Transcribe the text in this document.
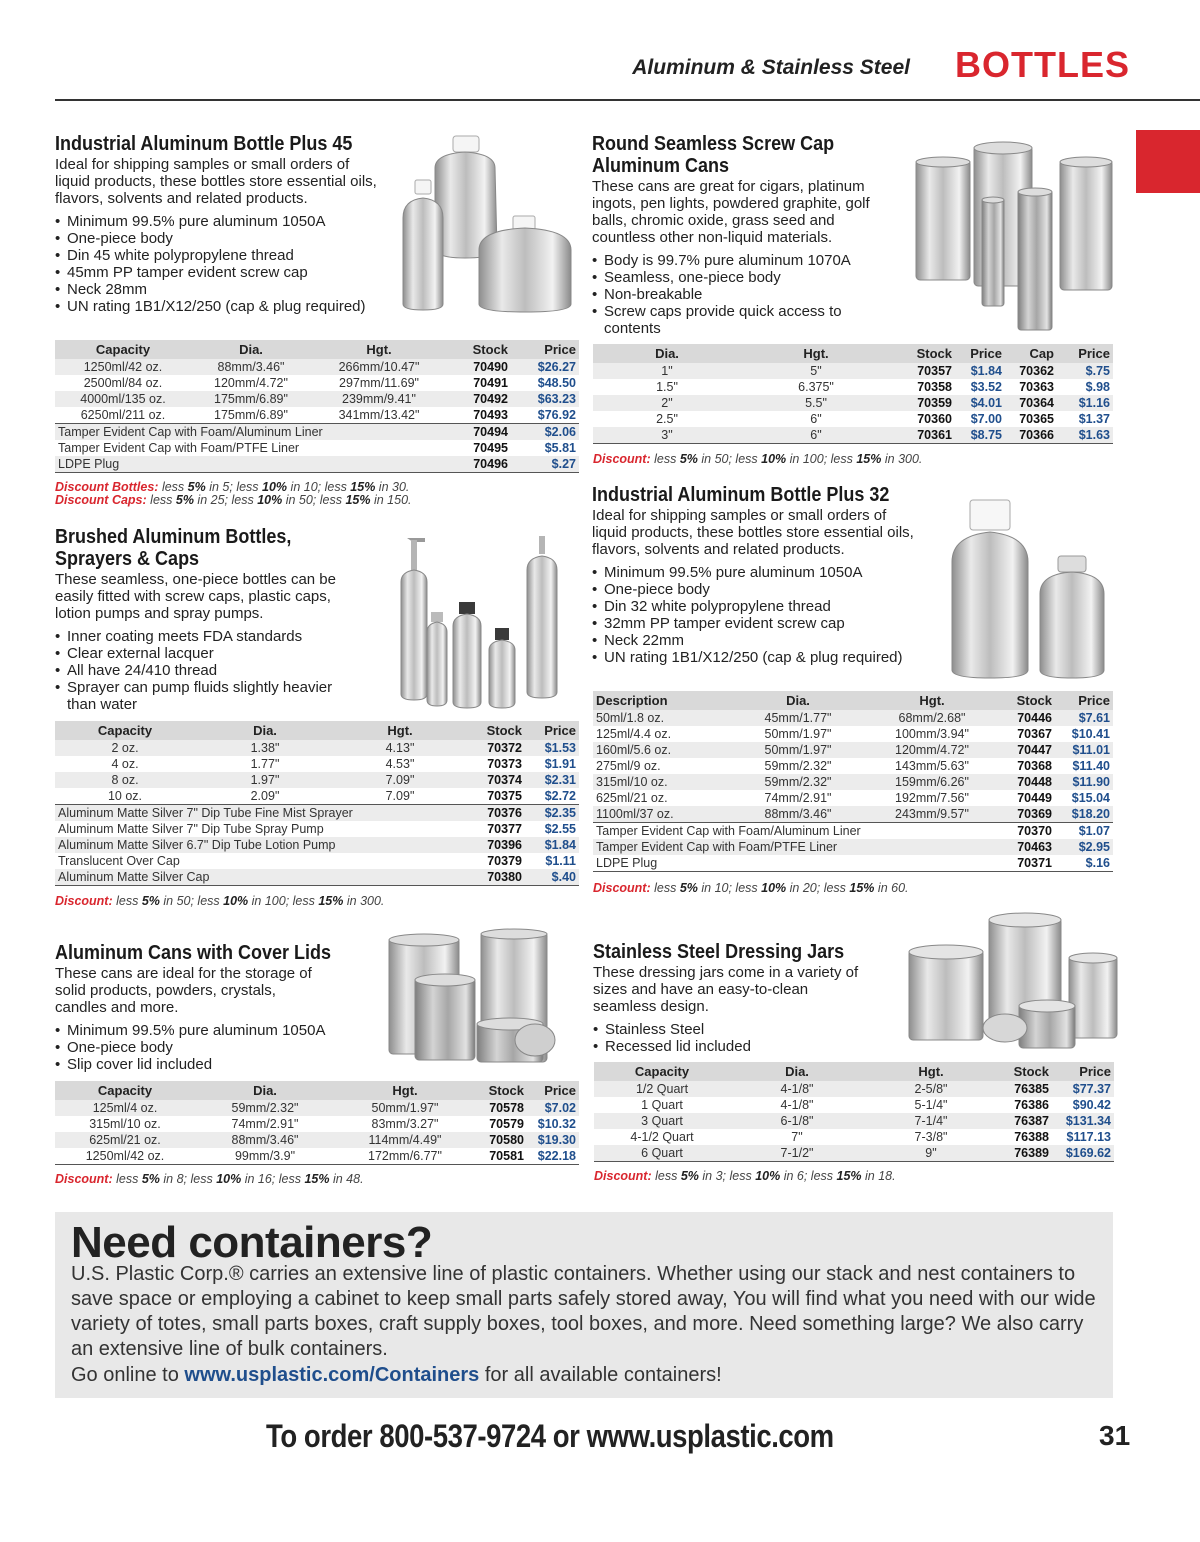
Aluminum & Stainless Steel BOTTLES
Industrial Aluminum Bottle Plus 45
Ideal for shipping samples or small orders of liquid products, these bottles store essential oils, flavors, solvents and related products.
• Minimum 99.5% pure aluminum 1050A
• One-piece body
• Din 45 white polypropylene thread
• 45mm PP tamper evident screw cap
• Neck 28mm
• UN rating 1B1/X12/250 (cap & plug required)
Capacity	Dia.	Hgt.	Stock	Price
1250ml/42 oz.	88mm/3.46"	266mm/10.47"	70490	$26.27
2500ml/84 oz.	120mm/4.72"	297mm/11.69"	70491	$48.50
4000ml/135 oz.	175mm/6.89"	239mm/9.41"	70492	$63.23
6250ml/211 oz.	175mm/6.89"	341mm/13.42"	70493	$76.92
Tamper Evident Cap with Foam/Aluminum Liner			70494	$2.06
Tamper Evident Cap with Foam/PTFE Liner			70495	$5.81
LDPE Plug			70496	$.27
Discount Bottles: less 5% in 5; less 10% in 10; less 15% in 30.
Discount Caps: less 5% in 25; less 10% in 50; less 15% in 150.
Round Seamless Screw Cap
Aluminum Cans
These cans are great for cigars, platinum ingots, pen lights, powdered graphite, golf balls, chromic oxide, grass seed and countless other non-liquid materials.
• Body is 99.7% pure aluminum 1070A
• Seamless, one-piece body
• Non-breakable
• Screw caps provide quick access to contents
Dia.	Hgt.	Stock	Price	Cap	Price
1"	5"	70357	$1.84	70362	$.75
1.5"	6.375"	70358	$3.52	70363	$.98
2"	5.5"	70359	$4.01	70364	$1.16
2.5"	6"	70360	$7.00	70365	$1.37
3"	6"	70361	$8.75	70366	$1.63
Discount: less 5% in 50; less 10% in 100; less 15% in 300.
Brushed Aluminum Bottles,
Sprayers & Caps
These seamless, one-piece bottles can be easily fitted with screw caps, plastic caps, lotion pumps and spray pumps.
• Inner coating meets FDA standards
• Clear external lacquer
• All have 24/410 thread
• Sprayer can pump fluids slightly heavier than water
Capacity	Dia.	Hgt.	Stock	Price
2 oz.	1.38"	4.13"	70372	$1.53
4 oz.	1.77"	4.53"	70373	$1.91
8 oz.	1.97"	7.09"	70374	$2.31
10 oz.	2.09"	7.09"	70375	$2.72
Aluminum Matte Silver 7" Dip Tube Fine Mist Sprayer			70376	$2.35
Aluminum Matte Silver 7" Dip Tube Spray Pump			70377	$2.55
Aluminum Matte Silver 6.7" Dip Tube Lotion Pump			70396	$1.84
Translucent Over Cap			70379	$1.11
Aluminum Matte Silver Cap			70380	$.40
Discount: less 5% in 50; less 10% in 100; less 15% in 300.
Industrial Aluminum Bottle Plus 32
Ideal for shipping samples or small orders of liquid products, these bottles store essential oils, flavors, solvents and related products.
• Minimum 99.5% pure aluminum 1050A
• One-piece body
• Din 32 white polypropylene thread
• 32mm PP tamper evident screw cap
• Neck 22mm
• UN rating 1B1/X12/250 (cap & plug required)
Description	Dia.	Hgt.	Stock	Price
50ml/1.8 oz.	45mm/1.77"	68mm/2.68"	70446	$7.61
125ml/4.4 oz.	50mm/1.97"	100mm/3.94"	70367	$10.41
160ml/5.6 oz.	50mm/1.97"	120mm/4.72"	70447	$11.01
275ml/9 oz.	59mm/2.32"	143mm/5.63"	70368	$11.40
315ml/10 oz.	59mm/2.32"	159mm/6.26"	70448	$11.90
625ml/21 oz.	74mm/2.91"	192mm/7.56"	70449	$15.04
1100ml/37 oz.	88mm/3.46"	243mm/9.57"	70369	$18.20
Tamper Evident Cap with Foam/Aluminum Liner			70370	$1.07
Tamper Evident Cap with Foam/PTFE Liner			70463	$2.95
LDPE Plug			70371	$.16
Discount: less 5% in 10; less 10% in 20; less 15% in 60.
Aluminum Cans with Cover Lids
These cans are ideal for the storage of solid products, powders, crystals, candles and more.
• Minimum 99.5% pure aluminum 1050A
• One-piece body
• Slip cover lid included
Capacity	Dia.	Hgt.	Stock	Price
125ml/4 oz.	59mm/2.32"	50mm/1.97"	70578	$7.02
315ml/10 oz.	74mm/2.91"	83mm/3.27"	70579	$10.32
625ml/21 oz.	88mm/3.46"	114mm/4.49"	70580	$19.30
1250ml/42 oz.	99mm/3.9"	172mm/6.77"	70581	$22.18
Discount: less 5% in 8; less 10% in 16; less 15% in 48.
Stainless Steel Dressing Jars
These dressing jars come in a variety of sizes and have an easy-to-clean seamless design.
• Stainless Steel
• Recessed lid included
Capacity	Dia.	Hgt.	Stock	Price
1/2 Quart	4-1/8"	2-5/8"	76385	$77.37
1 Quart	4-1/8"	5-1/4"	76386	$90.42
3 Quart	6-1/8"	7-1/4"	76387	$131.34
4-1/2 Quart	7"	7-3/8"	76388	$117.13
6 Quart	7-1/2"	9"	76389	$169.62
Discount: less 5% in 3; less 10% in 6; less 15% in 18.
Need containers?
U.S. Plastic Corp.® carries an extensive line of plastic containers. Whether using our stack and nest containers to save space or employing a cabinet to keep small parts safely stored away, You will find what you need with our wide variety of totes, small parts boxes, craft supply boxes, tool boxes, and more. Need something large? We also carry an extensive line of bulk containers.
Go online to www.usplastic.com/Containers for all available containers!
To order 800-537-9724 or www.usplastic.com	31
